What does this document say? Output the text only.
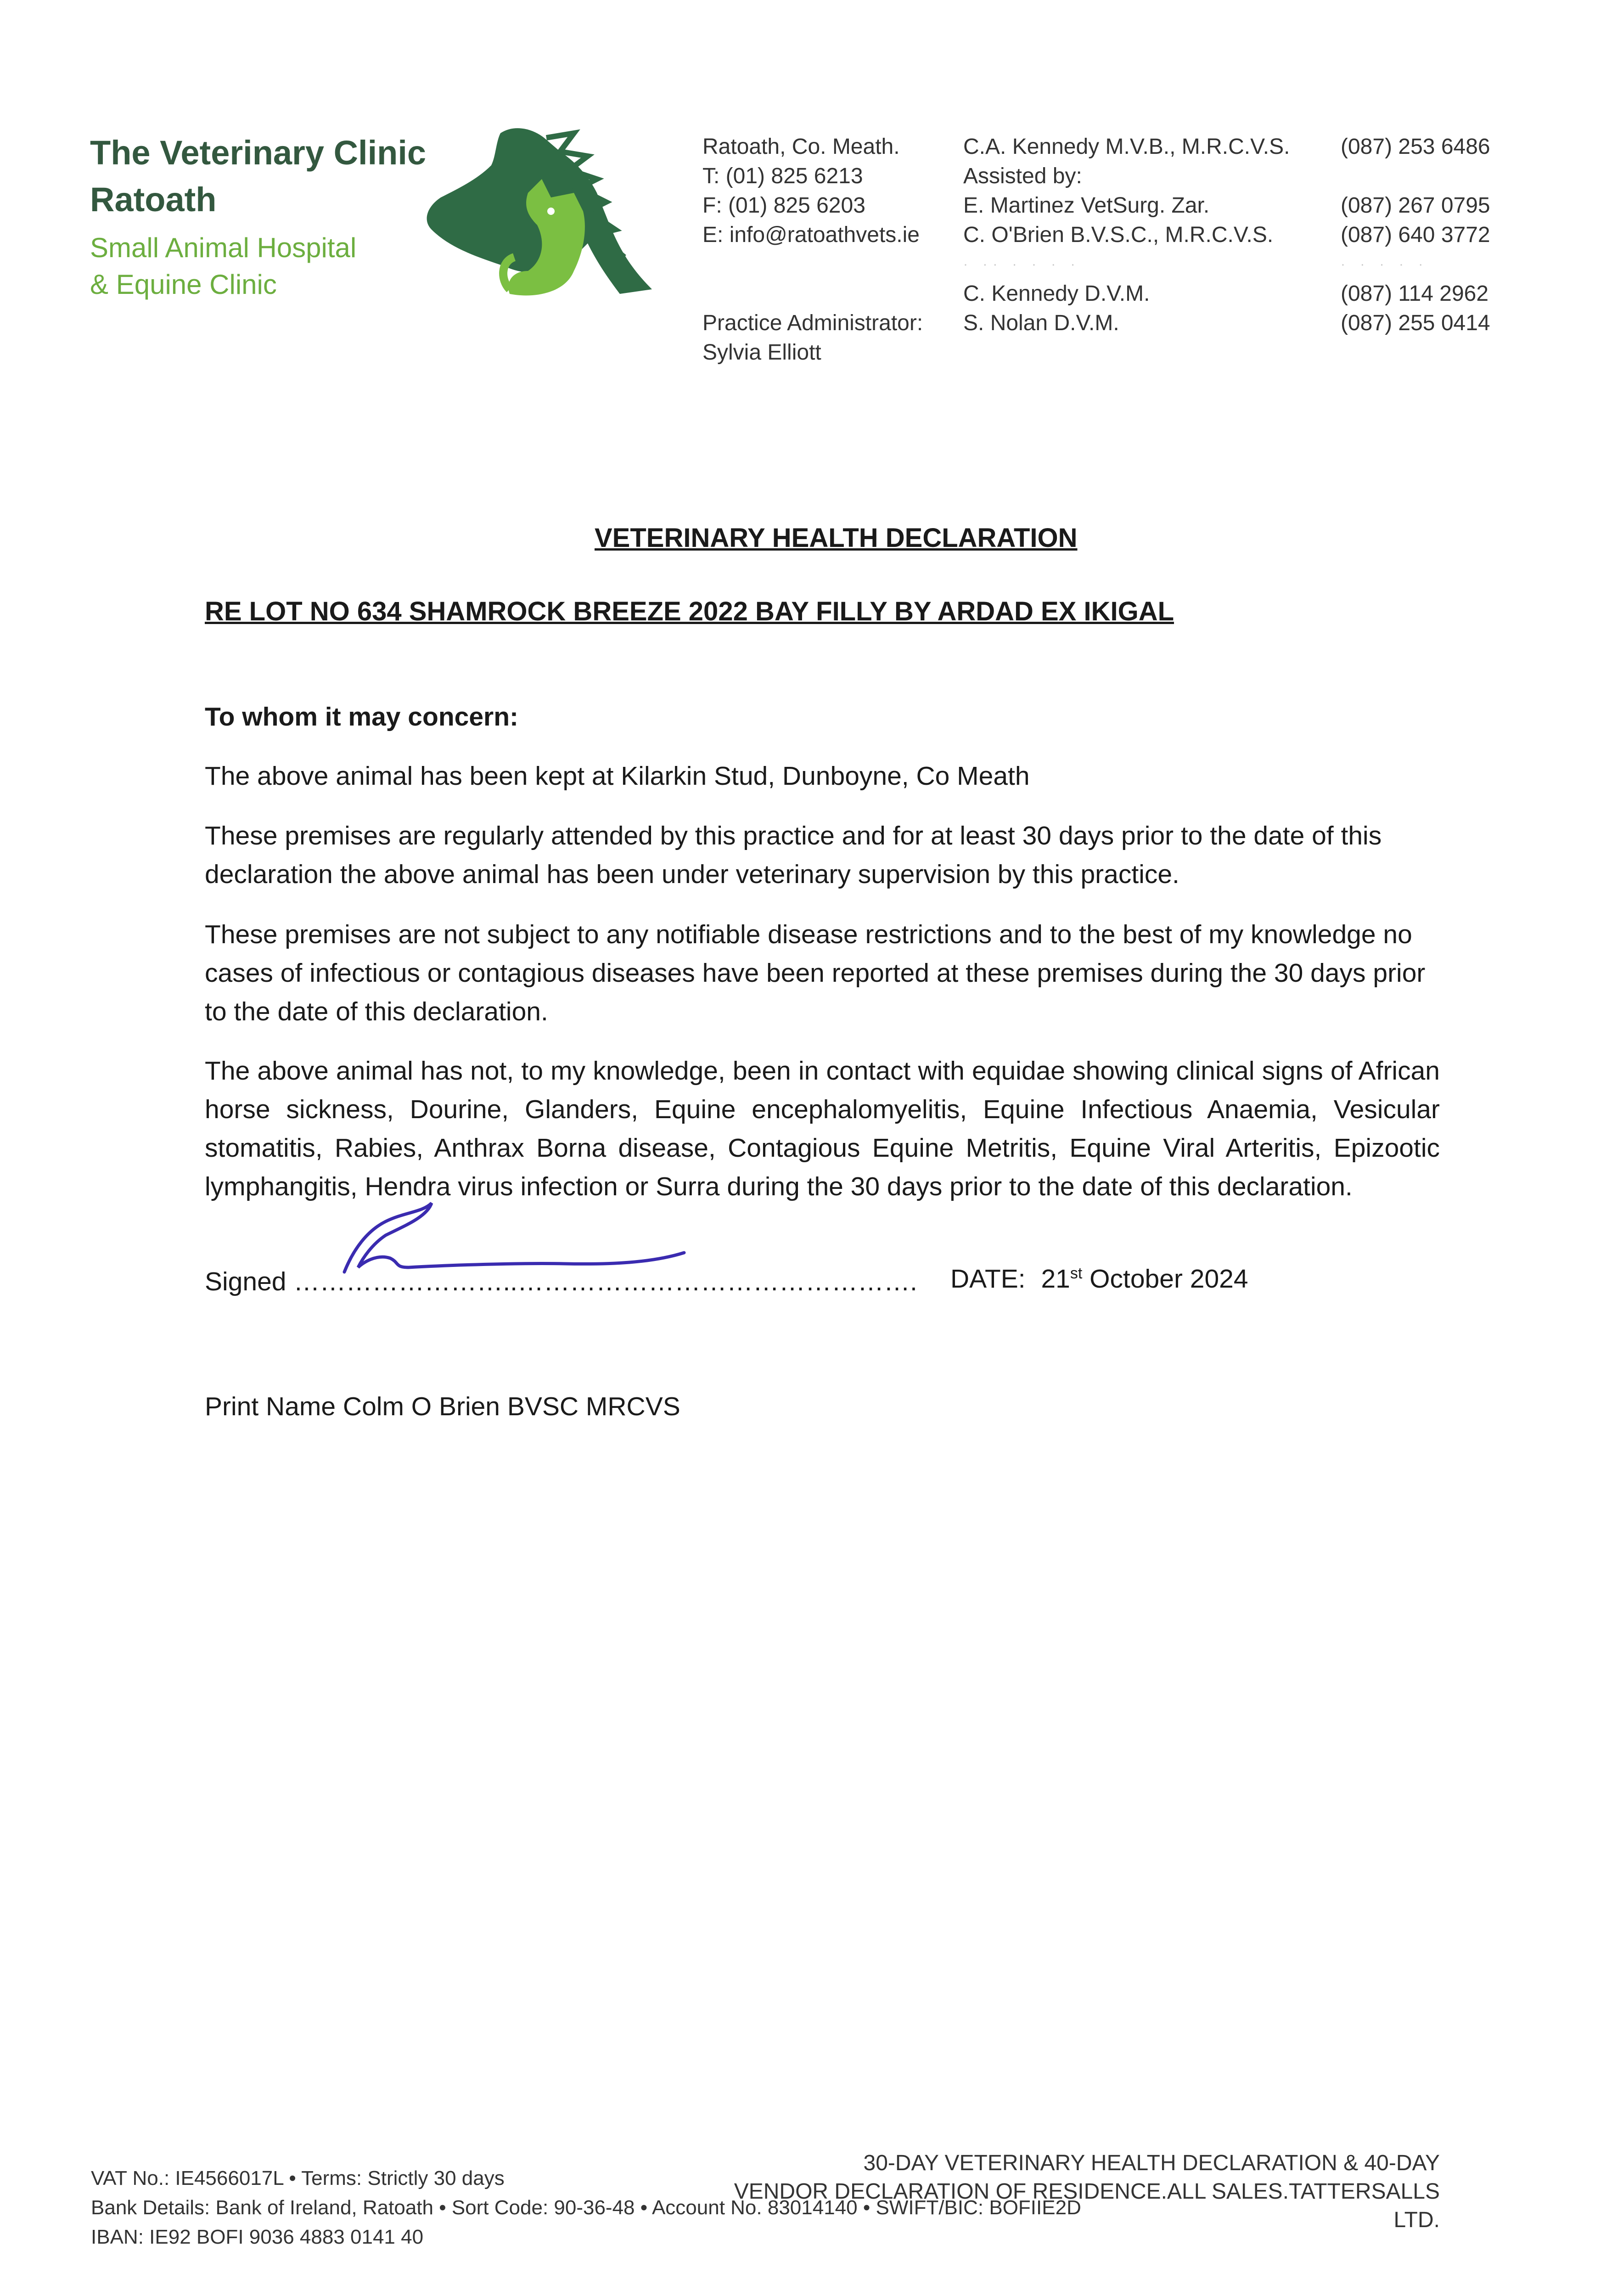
The Veterinary Clinic
Ratoath
Small Animal Hospital
& Equine Clinic
Ratoath, Co. Meath.
T: (01) 825 6213
F: (01) 825 6203
E: info@ratoathvets.ie
Practice Administrator:
Sylvia Elliott
C.A. Kennedy M.V.B., M.R.C.V.S.
Assisted by:
E. Martinez VetSurg. Zar.
C. O'Brien B.V.S.C., M.R.C.V.S.
· ·· · · · ·
C. Kennedy D.V.M.
S. Nolan D.V.M.
(087) 253 6486
(087) 267 0795
(087) 640 3772
· · · · ·
(087) 114 2962
(087) 255 0414
VETERINARY HEALTH DECLARATION
RE LOT NO 634 SHAMROCK BREEZE 2022 BAY FILLY BY ARDAD EX IKIGAL
To whom it may concern:
The above animal has been kept at Kilarkin Stud, Dunboyne, Co Meath
These premises are regularly attended by this practice and for at least 30 days prior to the date of this declaration the above animal has been under veterinary supervision by this practice.
These premises are not subject to any notifiable disease restrictions and to the best of my knowledge no cases of infectious or contagious diseases have been reported at these premises during the 30 days prior to the date of this declaration.
The above animal has not, to my knowledge, been in contact with equidae showing clinical signs of African horse sickness, Dourine, Glanders, Equine encephalomyelitis, Equine Infectious Anaemia, Vesicular stomatitis, Rabies, Anthrax Borna disease, Contagious Equine Metritis, Equine Viral Arteritis, Epizootic lymphangitis, Hendra virus infection or Surra during the 30 days prior to the date of this declaration.
Signed ……………………..………………………………………. DATE: 21st October 2024
Print Name Colm O Brien BVSC MRCVS
VAT No.: IE4566017L • Terms: Strictly 30 days
Bank Details: Bank of Ireland, Ratoath • Sort Code: 90-36-48 • Account No. 83014140 • SWIFT/BIC: BOFIIE2D
IBAN: IE92 BOFI 9036 4883 0141 40
30-DAY VETERINARY HEALTH DECLARATION & 40-DAY
VENDOR DECLARATION OF RESIDENCE.ALL SALES.TATTERSALLS LTD.
